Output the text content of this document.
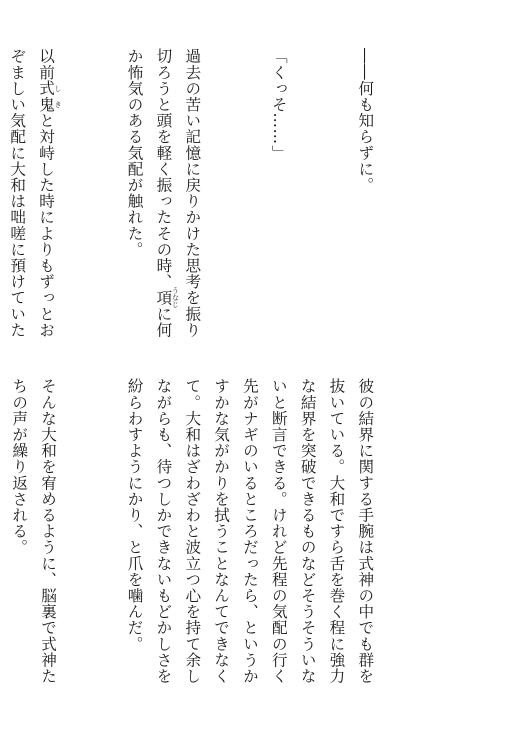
――何も知らずに。

「くっそ……」

過去の苦い記憶に戻りかけた思考を振り切ろうと頭を軽く振ったその時、項 うなじに何か怖気のある気配が触れた。

以前式鬼 しきと対峙した時によりもずっとおぞましい気配に大和は咄嗟に預けていた

彼の結界に関する手腕は式神の中でも群を抜いている。大和ですら舌を巻く程に強力な結界を突破できるものなどそうそういないと断言できる。けれど先程の気配の行く先がナギのいるところだったら、というかすかな気がかりを拭うことなんてできなくて。大和はざわざわと波立つ心を持て余しながらも、待つしかできないもどかしさを紛らわすようにかり、と爪を噛んだ。

そんな大和を宥めるように、脳裏で式神たちの声が繰り返される。
